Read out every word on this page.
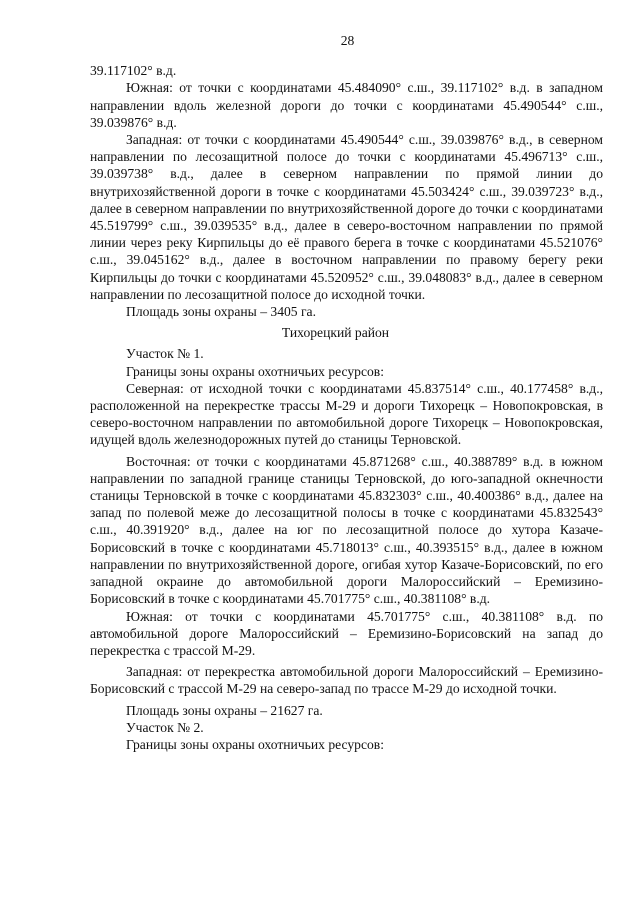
28

39.117102° в.д.

Южная: от точки с координатами 45.484090° с.ш., 39.117102° в.д. в западном направлении вдоль железной дороги до точки с координатами 45.490544° с.ш., 39.039876° в.д.

Западная: от точки с координатами 45.490544° с.ш., 39.039876° в.д., в северном направлении по лесозащитной полосе до точки с координатами 45.496713° с.ш., 39.039738° в.д., далее в северном направлении по прямой линии до внутрихозяйственной дороги в точке с координатами 45.503424° с.ш., 39.039723° в.д., далее в северном направлении по внутрихозяйственной дороге до точки с координатами 45.519799° с.ш., 39.039535° в.д., далее в северо-восточном направлении по прямой линии через реку Кирпильцы до её правого берега в точке с координатами 45.521076° с.ш., 39.045162° в.д., далее в восточном направлении по правому берегу реки Кирпильцы до точки с координатами 45.520952° с.ш., 39.048083° в.д., далее в северном направлении по лесозащитной полосе до исходной точки.

Площадь зоны охраны – 3405 га.

Тихорецкий район

Участок № 1.

Границы зоны охраны охотничьих ресурсов:

Северная: от исходной точки с координатами 45.837514° с.ш., 40.177458° в.д., расположенной на перекрестке трассы М-29 и дороги Тихорецк – Новопокровская, в северо-восточном направлении по автомобильной дороге Тихорецк – Новопокровская, идущей вдоль железнодорожных путей до станицы Терновской.

Восточная: от точки с координатами 45.871268° с.ш., 40.388789° в.д. в южном направлении по западной границе станицы Терновской, до юго-западной окнечности станицы Терновской в точке с координатами 45.832303° с.ш., 40.400386° в.д., далее на запад по полевой меже до лесозащитной полосы в точке с координатами 45.832543° с.ш., 40.391920° в.д., далее на юг по лесозащитной полосе до хутора Казаче-Борисовский в точке с координатами 45.718013° с.ш., 40.393515° в.д., далее в южном направлении по внутрихозяйственной дороге, огибая хутор Казаче-Борисовский, по его западной окраине до автомобильной дороги Малороссийский – Еремизино-Борисовский в точке с координатами 45.701775° с.ш., 40.381108° в.д.

Южная: от точки с координатами 45.701775° с.ш., 40.381108° в.д. по автомобильной дороге Малороссийский – Еремизино-Борисовский на запад до перекрестка с трассой М-29.

Западная: от перекрестка автомобильной дороги Малороссийский – Еремизино-Борисовский с трассой М-29 на северо-запад по трассе М-29 до исходной точки.

Площадь зоны охраны – 21627 га.

Участок № 2.

Границы зоны охраны охотничьих ресурсов:
